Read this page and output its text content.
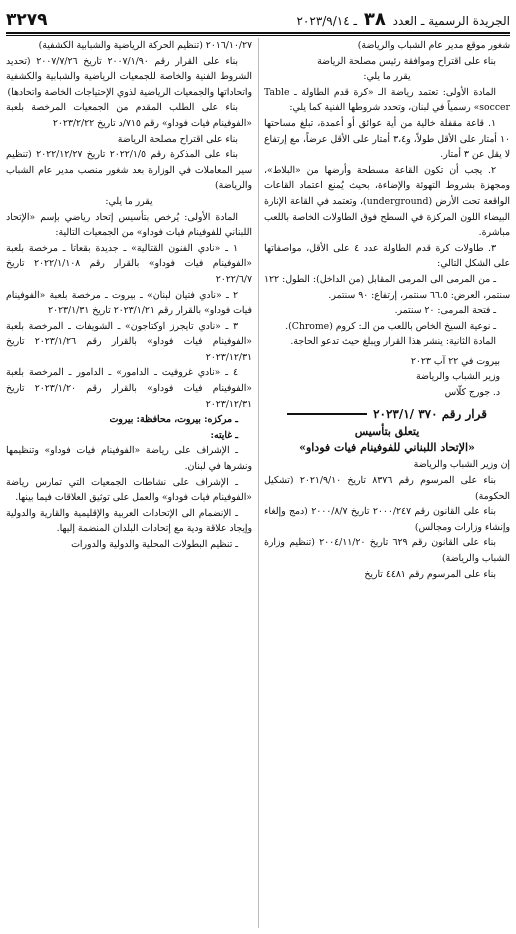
الجريدة الرسمية ـ العدد ٣٨ ـ ٢٠٢٣/٩/١٤
٣٢٧٩

شغور موقع مدير عام الشباب والرياضة)

بناء على اقتراح وموافقة رئيس مصلحة الرياضة

يقرر ما يلي:

المادة الأولى: تعتمد رياضة الـ «كرة قدم الطاولة ـ Table soccer» رسمياً في لبنان، وتحدد شروطها الفنية كما يلي:

١. قاعة مقفلة خالية من أية عوائق أو أعمدة، تبلغ مساحتها ١٠ أمتار على الأقل طولاً، و٣،٤ أمتار على الأقل عرضاً، مع إرتفاع لا يقل عن ٣ أمتار.

٢. يجب أن تكون القاعة مسطحة وأرضها من «البلاط»، ومجهزة بشروط التهوئة والإضاءة، بحيث يُمنع اعتماد القاعات الواقعة تحت الأرض (underground)، وتعتمد في القاعة الإنارة البيضاء اللون المركزة في السطح فوق الطاولات الخاصة باللعب مباشرة.

٣. طاولات كرة قدم الطاولة عدد ٤ على الأقل، مواصفاتها على الشكل التالي:

ـ من المرمى الى المرمى المقابل (من الداخل): الطول: ١٢٢ سنتمر، العرض: ٦٦.٥ سنتمر، إرتفاع: ٩٠ سنتمر.

ـ فتحة المرمى: ٢٠ سنتمر.

ـ نوعية السيخ الخاص باللعب من الـ: كروم (Chrome).

المادة الثانية: ينشر هذا القرار ويبلغ حيث تدعو الحاجة.

بيروت في ٢٢ آب ٢٠٢٣

وزير الشباب والرياضة

د. جورج كلّاس

قرار رقم ٣٧٠ /٢٠٢٣/١

يتعلق بتأسيس

«الإتحاد اللبناني للفوفينام فيات فوداو»

إن وزير الشباب والرياضة

بناء على المرسوم رقم ٨٣٧٦ تاريخ ٢٠٢١/٩/١٠ (تشكيل الحكومة)

بناء على القانون رقم ٢٠٠٠/٢٤٧ تاريخ ٢٠٠٠/٨/٧ (دمج وإلغاء وإنشاء وزارات ومجالس)

بناء على القانون رقم ٦٢٩ تاريخ ٢٠٠٤/١١/٢٠ (تنظيم وزارة الشباب والرياضة)

بناء على المرسوم رقم ٤٤٨١ تاريخ

٢٠١٦/١٠/٢٧ (تنظيم الحركة الرياضية والشبابية الكشفية)

بناء على القرار رقم ٢٠٠٧/١/٩٠ تاريخ ٢٠٠٧/٧/٢٦ (تحديد الشروط الفنية والخاصة للجمعيات الرياضية والشبابية والكشفية واتحاداتها والجمعيات الرياضية لذوي الإحتياجات الخاصة واتحادها)

بناء على الطلب المقدم من الجمعيات المرخصة بلعبة «الفوفينام فيات فوداو» رقم ٧١٥/د تاريخ ٢٠٢٣/٢/٢٢

بناء على اقتراح مصلحة الرياضة

بناء على المذكرة رقم ٢٠٢٢/١/٥ تاريخ ٢٠٢٢/١٢/٢٧ (تنظيم سير المعاملات في الوزارة بعد شغور منصب مدير عام الشباب والرياضة)

يقرر ما يلي:

المادة الأولى: يُرخص بتأسيس إتحاد رياضي بإسم «الإتحاد اللبناني للفوفينام فيات فوداو» من الجمعيات التالية:

١ ـ «نادي الفنون القتالية» ـ جديدة بقعاتا ـ مرخصة بلعبة «الفوفينام فيات فوداو» بالقرار رقم ٢٠٢٢/١/١٠٨ تاريخ ٢٠٢٢/٦/٧

٢ ـ «نادي فتيان لبنان» ـ بيروت ـ مرخصة بلعبة «الفوفينام فيات فوداو» بالقرار رقم ٢٠٢٣/١/٢١ تاريخ ٢٠٢٣/١/٣١

٣ ـ «نادي تايجرز اوكتاجون» ـ الشويفات ـ المرخصة بلعبة «الفوفينام فيات فوداو» بالقرار رقم ٢٠٢٣/١/٢٦ تاريخ ٢٠٢٣/١٢/٣١

٤ ـ «نادي غروفيت ـ الدامور» ـ الدامور ـ المرخصة بلعبة «الفوفينام فيات فوداو» بالقرار رقم ٢٠٢٣/١/٢٠ تاريخ ٢٠٢٣/١٢/٣١

ـ مركزه: بيروت، محافظة: بيروت

ـ غايته:

ـ الإشراف على رياضة «الفوفينام فيات فوداو» وتنظيمها ونشرها في لبنان.

ـ الإشراف على نشاطات الجمعيات التي تمارس رياضة «الفوفينام فيات فوداو» والعمل على توثيق العلاقات فيما بينها.

ـ الإنضمام الى الإتحادات العربية والإقليمية والقارية والدولية وإيجاد علاقة ودية مع إتحادات البلدان المنضمة إليها.

ـ تنظيم البطولات المحلية والدولية والدورات
